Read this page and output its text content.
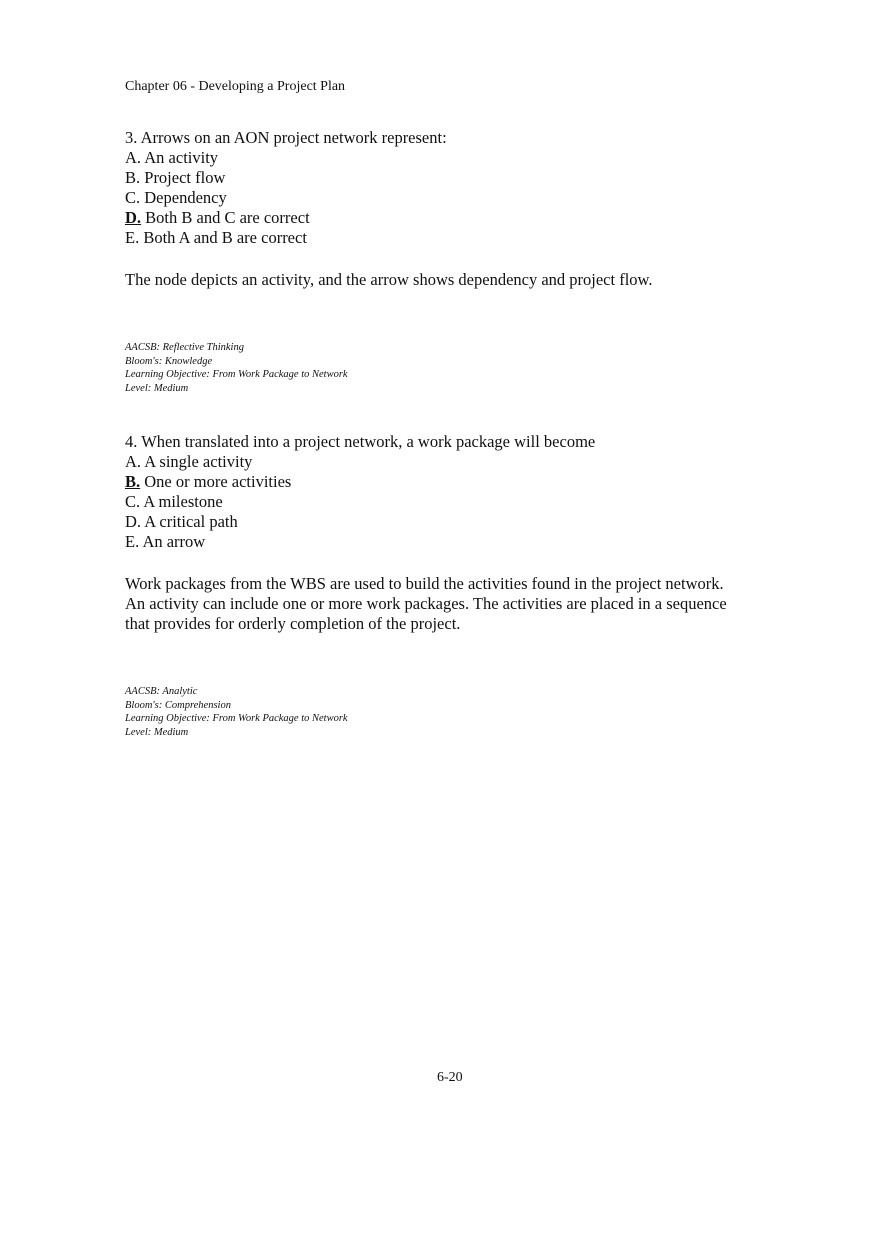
Chapter 06 - Developing a Project Plan
3. Arrows on an AON project network represent:
A. An activity
B. Project flow
C. Dependency
D. Both B and C are correct
E. Both A and B are correct
The node depicts an activity, and the arrow shows dependency and project flow.
AACSB: Reflective Thinking
Bloom's: Knowledge
Learning Objective: From Work Package to Network
Level: Medium
4. When translated into a project network, a work package will become
A. A single activity
B. One or more activities
C. A milestone
D. A critical path
E. An arrow
Work packages from the WBS are used to build the activities found in the project network.
An activity can include one or more work packages. The activities are placed in a sequence
that provides for orderly completion of the project.
AACSB: Analytic
Bloom's: Comprehension
Learning Objective: From Work Package to Network
Level: Medium
6-20
